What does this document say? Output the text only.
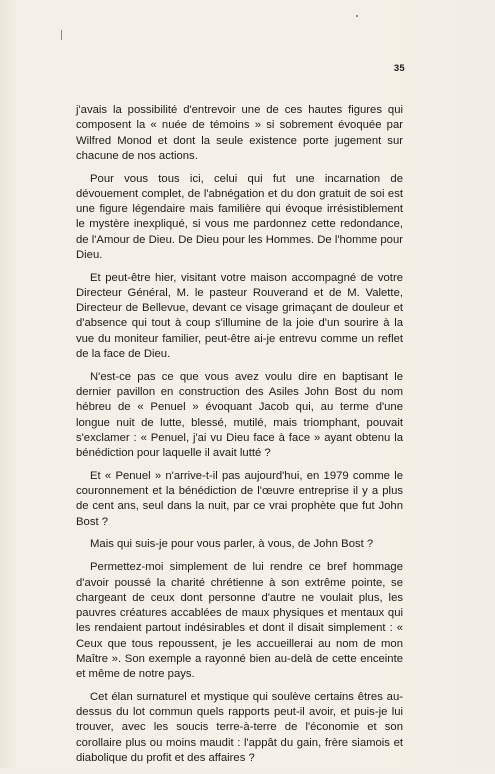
35

j'avais la possibilité d'entrevoir une de ces hautes figures qui composent la « nuée de témoins » si sobrement évoquée par Wilfred Monod et dont la seule existence porte jugement sur chacune de nos actions.

Pour vous tous ici, celui qui fut une incarnation de dévouement complet, de l'abnégation et du don gratuit de soi est une figure légendaire mais familière qui évoque irrésistiblement le mystère inexpliqué, si vous me pardonnez cette redondance, de l'Amour de Dieu. De Dieu pour les Hommes. De l'homme pour Dieu.

Et peut-être hier, visitant votre maison accompagné de votre Directeur Général, M. le pasteur Rouverand et de M. Valette, Directeur de Bellevue, devant ce visage grimaçant de douleur et d'absence qui tout à coup s'illumine de la joie d'un sourire à la vue du moniteur familier, peut-être ai-je entrevu comme un reflet de la face de Dieu.

N'est-ce pas ce que vous avez voulu dire en baptisant le dernier pavillon en construction des Asiles John Bost du nom hébreu de « Penuel » évoquant Jacob qui, au terme d'une longue nuit de lutte, blessé, mutilé, mais triomphant, pouvait s'exclamer : « Penuel, j'ai vu Dieu face à face » ayant obtenu la bénédiction pour laquelle il avait lutté ?

Et « Penuel » n'arrive-t-il pas aujourd'hui, en 1979 comme le couronnement et la bénédiction de l'œuvre entreprise il y a plus de cent ans, seul dans la nuit, par ce vrai prophète que fut John Bost ?

Mais qui suis-je pour vous parler, à vous, de John Bost ?

Permettez-moi simplement de lui rendre ce bref hommage d'avoir poussé la charité chrétienne à son extrême pointe, se chargeant de ceux dont personne d'autre ne voulait plus, les pauvres créatures accablées de maux physiques et mentaux qui les rendaient partout indésirables et dont il disait simplement : « Ceux que tous repoussent, je les accueillerai au nom de mon Maître ». Son exemple a rayonné bien au-delà de cette enceinte et même de notre pays.

Cet élan surnaturel et mystique qui soulève certains êtres au-dessus du lot commun quels rapports peut-il avoir, et puis-je lui trouver, avec les soucis terre-à-terre de l'économie et son corollaire plus ou moins maudit : l'appât du gain, frère siamois et diabolique du profit et des affaires ?
